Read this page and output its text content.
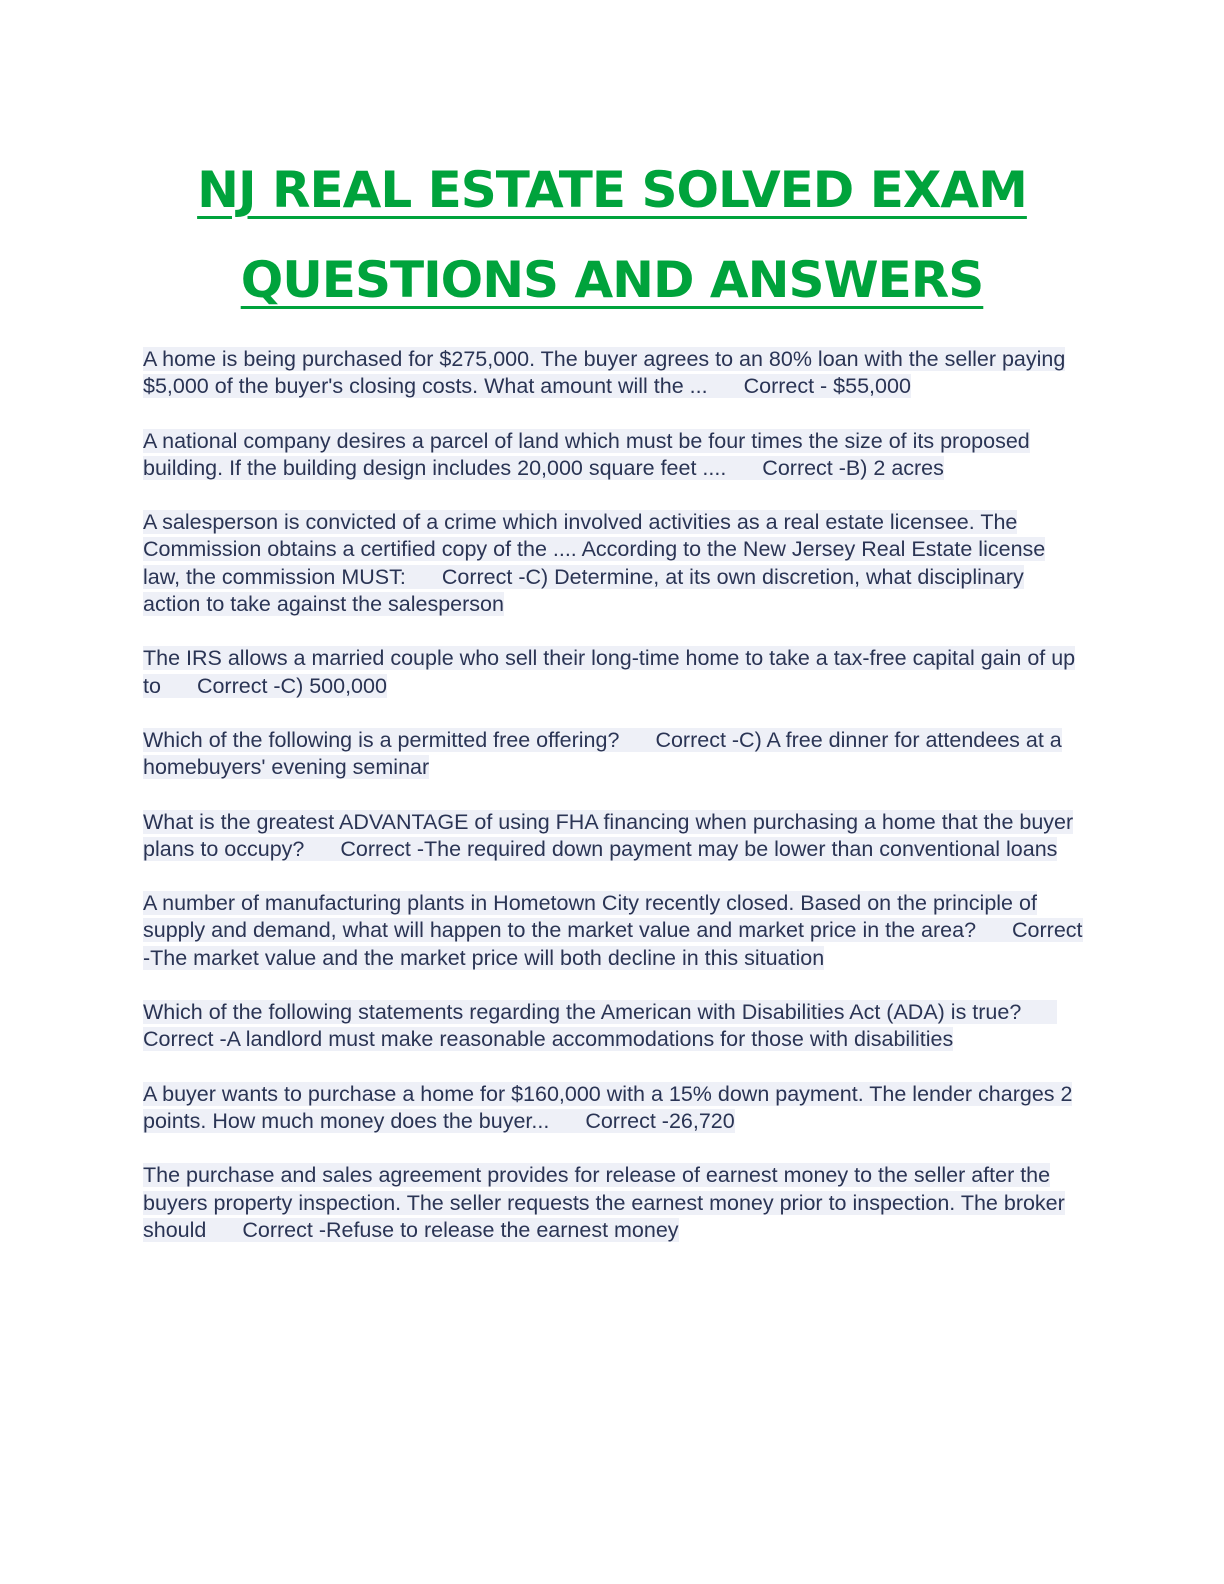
NJ REAL ESTATE SOLVED EXAM
QUESTIONS AND ANSWERS
A home is being purchased for $275,000. The buyer agrees to an 80% loan with the seller paying $5,000 of the buyer's closing costs. What amount will the ... Correct - $55,000
A national company desires a parcel of land which must be four times the size of its proposed building. If the building design includes 20,000 square feet .... Correct -B) 2 acres
A salesperson is convicted of a crime which involved activities as a real estate licensee. The Commission obtains a certified copy of the .... According to the New Jersey Real Estate license law, the commission MUST: Correct -C) Determine, at its own discretion, what disciplinary action to take against the salesperson
The IRS allows a married couple who sell their long-time home to take a tax-free capital gain of up to Correct -C) 500,000
Which of the following is a permitted free offering? Correct -C) A free dinner for attendees at a homebuyers' evening seminar
What is the greatest ADVANTAGE of using FHA financing when purchasing a home that the buyer plans to occupy? Correct -The required down payment may be lower than conventional loans
A number of manufacturing plants in Hometown City recently closed. Based on the principle of supply and demand, what will happen to the market value and market price in the area? Correct -The market value and the market price will both decline in this situation
Which of the following statements regarding the American with Disabilities Act (ADA) is true?Correct -A landlord must make reasonable accommodations for those with disabilities
A buyer wants to purchase a home for $160,000 with a 15% down payment. The lender charges 2 points. How much money does the buyer... Correct -26,720
The purchase and sales agreement provides for release of earnest money to the seller after the buyers property inspection. The seller requests the earnest money prior to inspection. The broker should Correct -Refuse to release the earnest money
